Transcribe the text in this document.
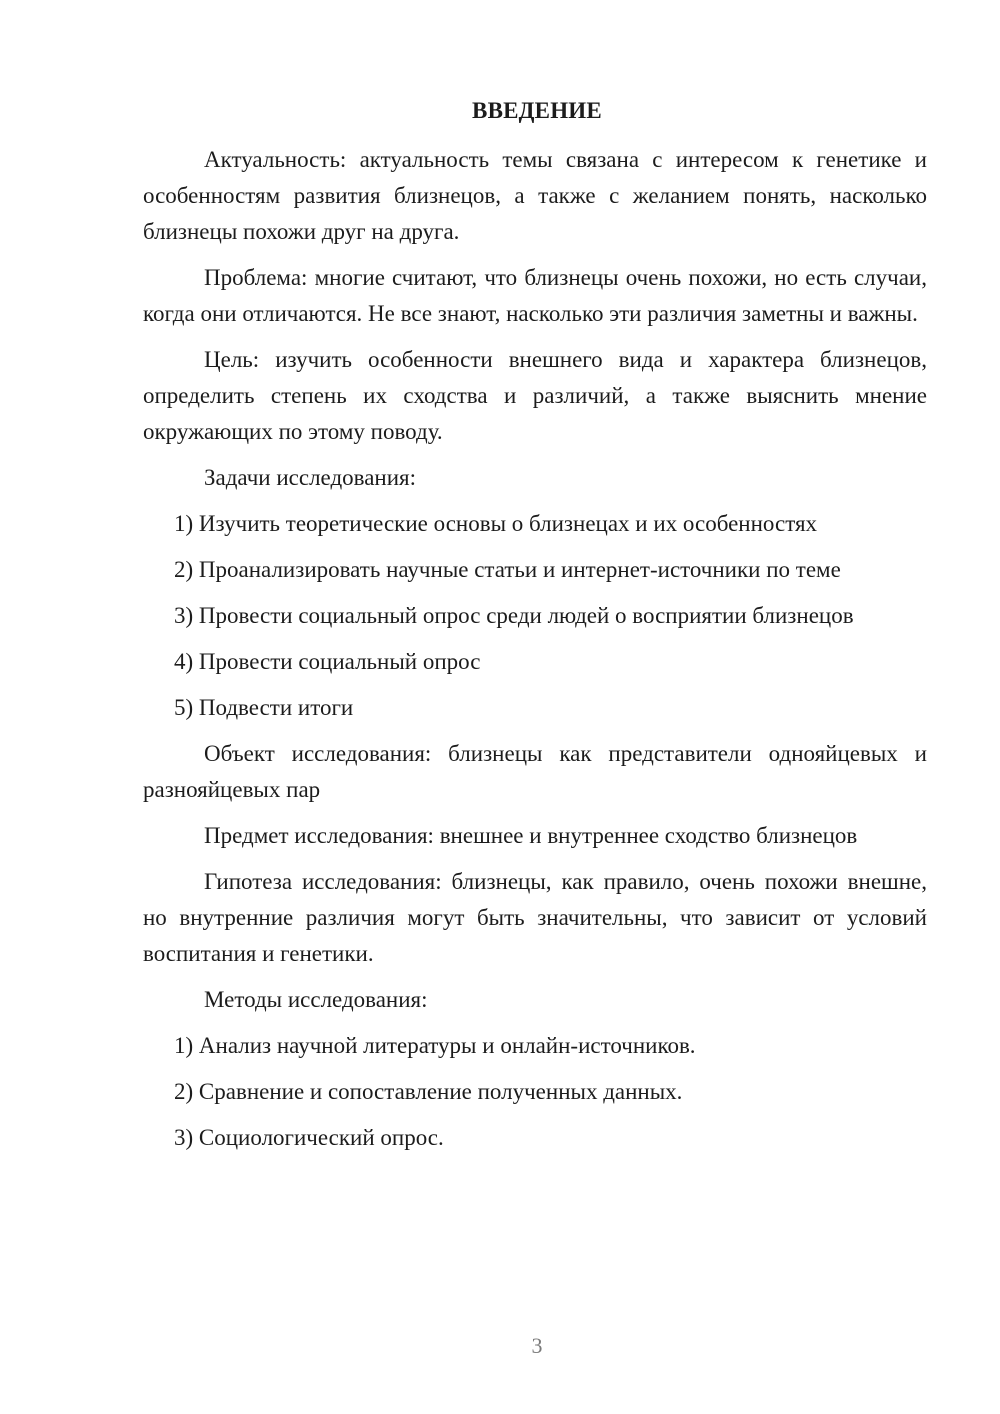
ВВЕДЕНИЕ

Актуальность: актуальность темы связана с интересом к генетике и особенностям развития близнецов, а также с желанием понять, насколько близнецы похожи друг на друга.

Проблема: многие считают, что близнецы очень похожи, но есть случаи, когда они отличаются. Не все знают, насколько эти различия заметны и важны.

Цель: изучить особенности внешнего вида и характера близнецов, определить степень их сходства и различий, а также выяснить мнение окружающих по этому поводу.

Задачи исследования:

1) Изучить теоретические основы о близнецах и их особенностях
2) Проанализировать научные статьи и интернет-источники по теме
3) Провести социальный опрос среди людей о восприятии близнецов
4) Провести социальный опрос
5) Подвести итоги

Объект исследования: близнецы как представители однояйцевых и разнояйцевых пар

Предмет исследования: внешнее и внутреннее сходство близнецов

Гипотеза исследования: близнецы, как правило, очень похожи внешне, но внутренние различия могут быть значительны, что зависит от условий воспитания и генетики.

Методы исследования:

1) Анализ научной литературы и онлайн-источников.
2) Сравнение и сопоставление полученных данных.
3) Социологический опрос.
3
